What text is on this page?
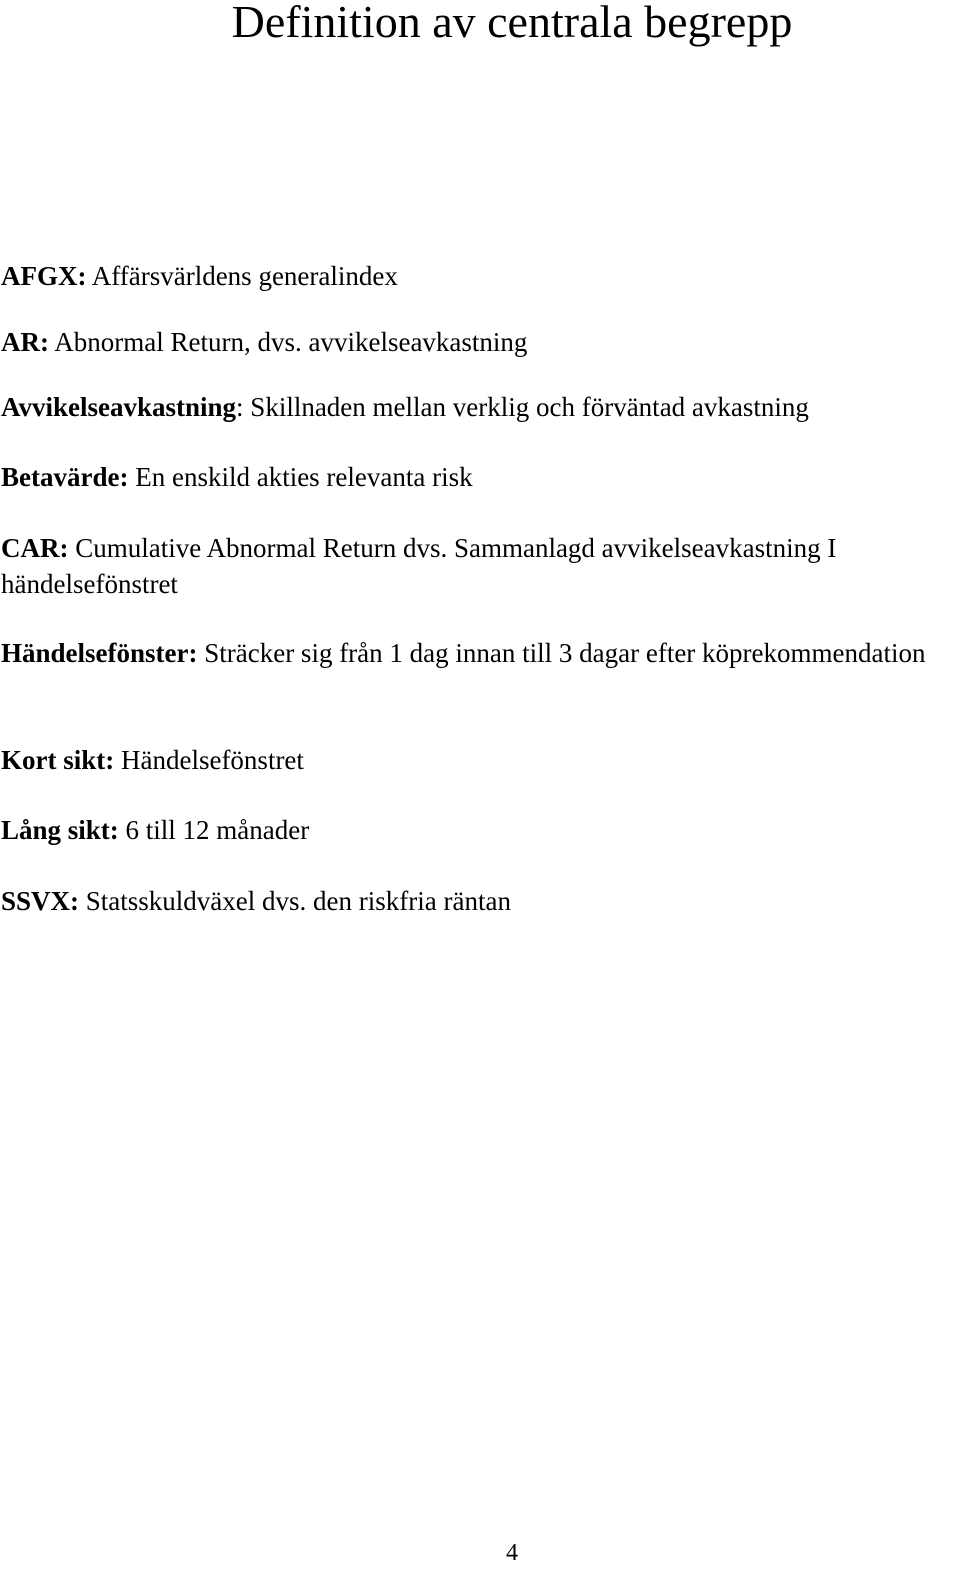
Definition av centrala begrepp

AFGX: Affärsvärldens generalindex

AR: Abnormal Return, dvs. avvikelseavkastning

Avvikelseavkastning: Skillnaden mellan verklig och förväntad avkastning

Betavärde: En enskild akties relevanta risk

CAR: Cumulative Abnormal Return dvs. Sammanlagd avvikelseavkastning I händelsefönstret

Händelsefönster: Sträcker sig från 1 dag innan till 3 dagar efter köprekommendation

Kort sikt: Händelsefönstret

Lång sikt: 6 till 12 månader

SSVX: Statsskuldväxel dvs. den riskfria räntan

4
